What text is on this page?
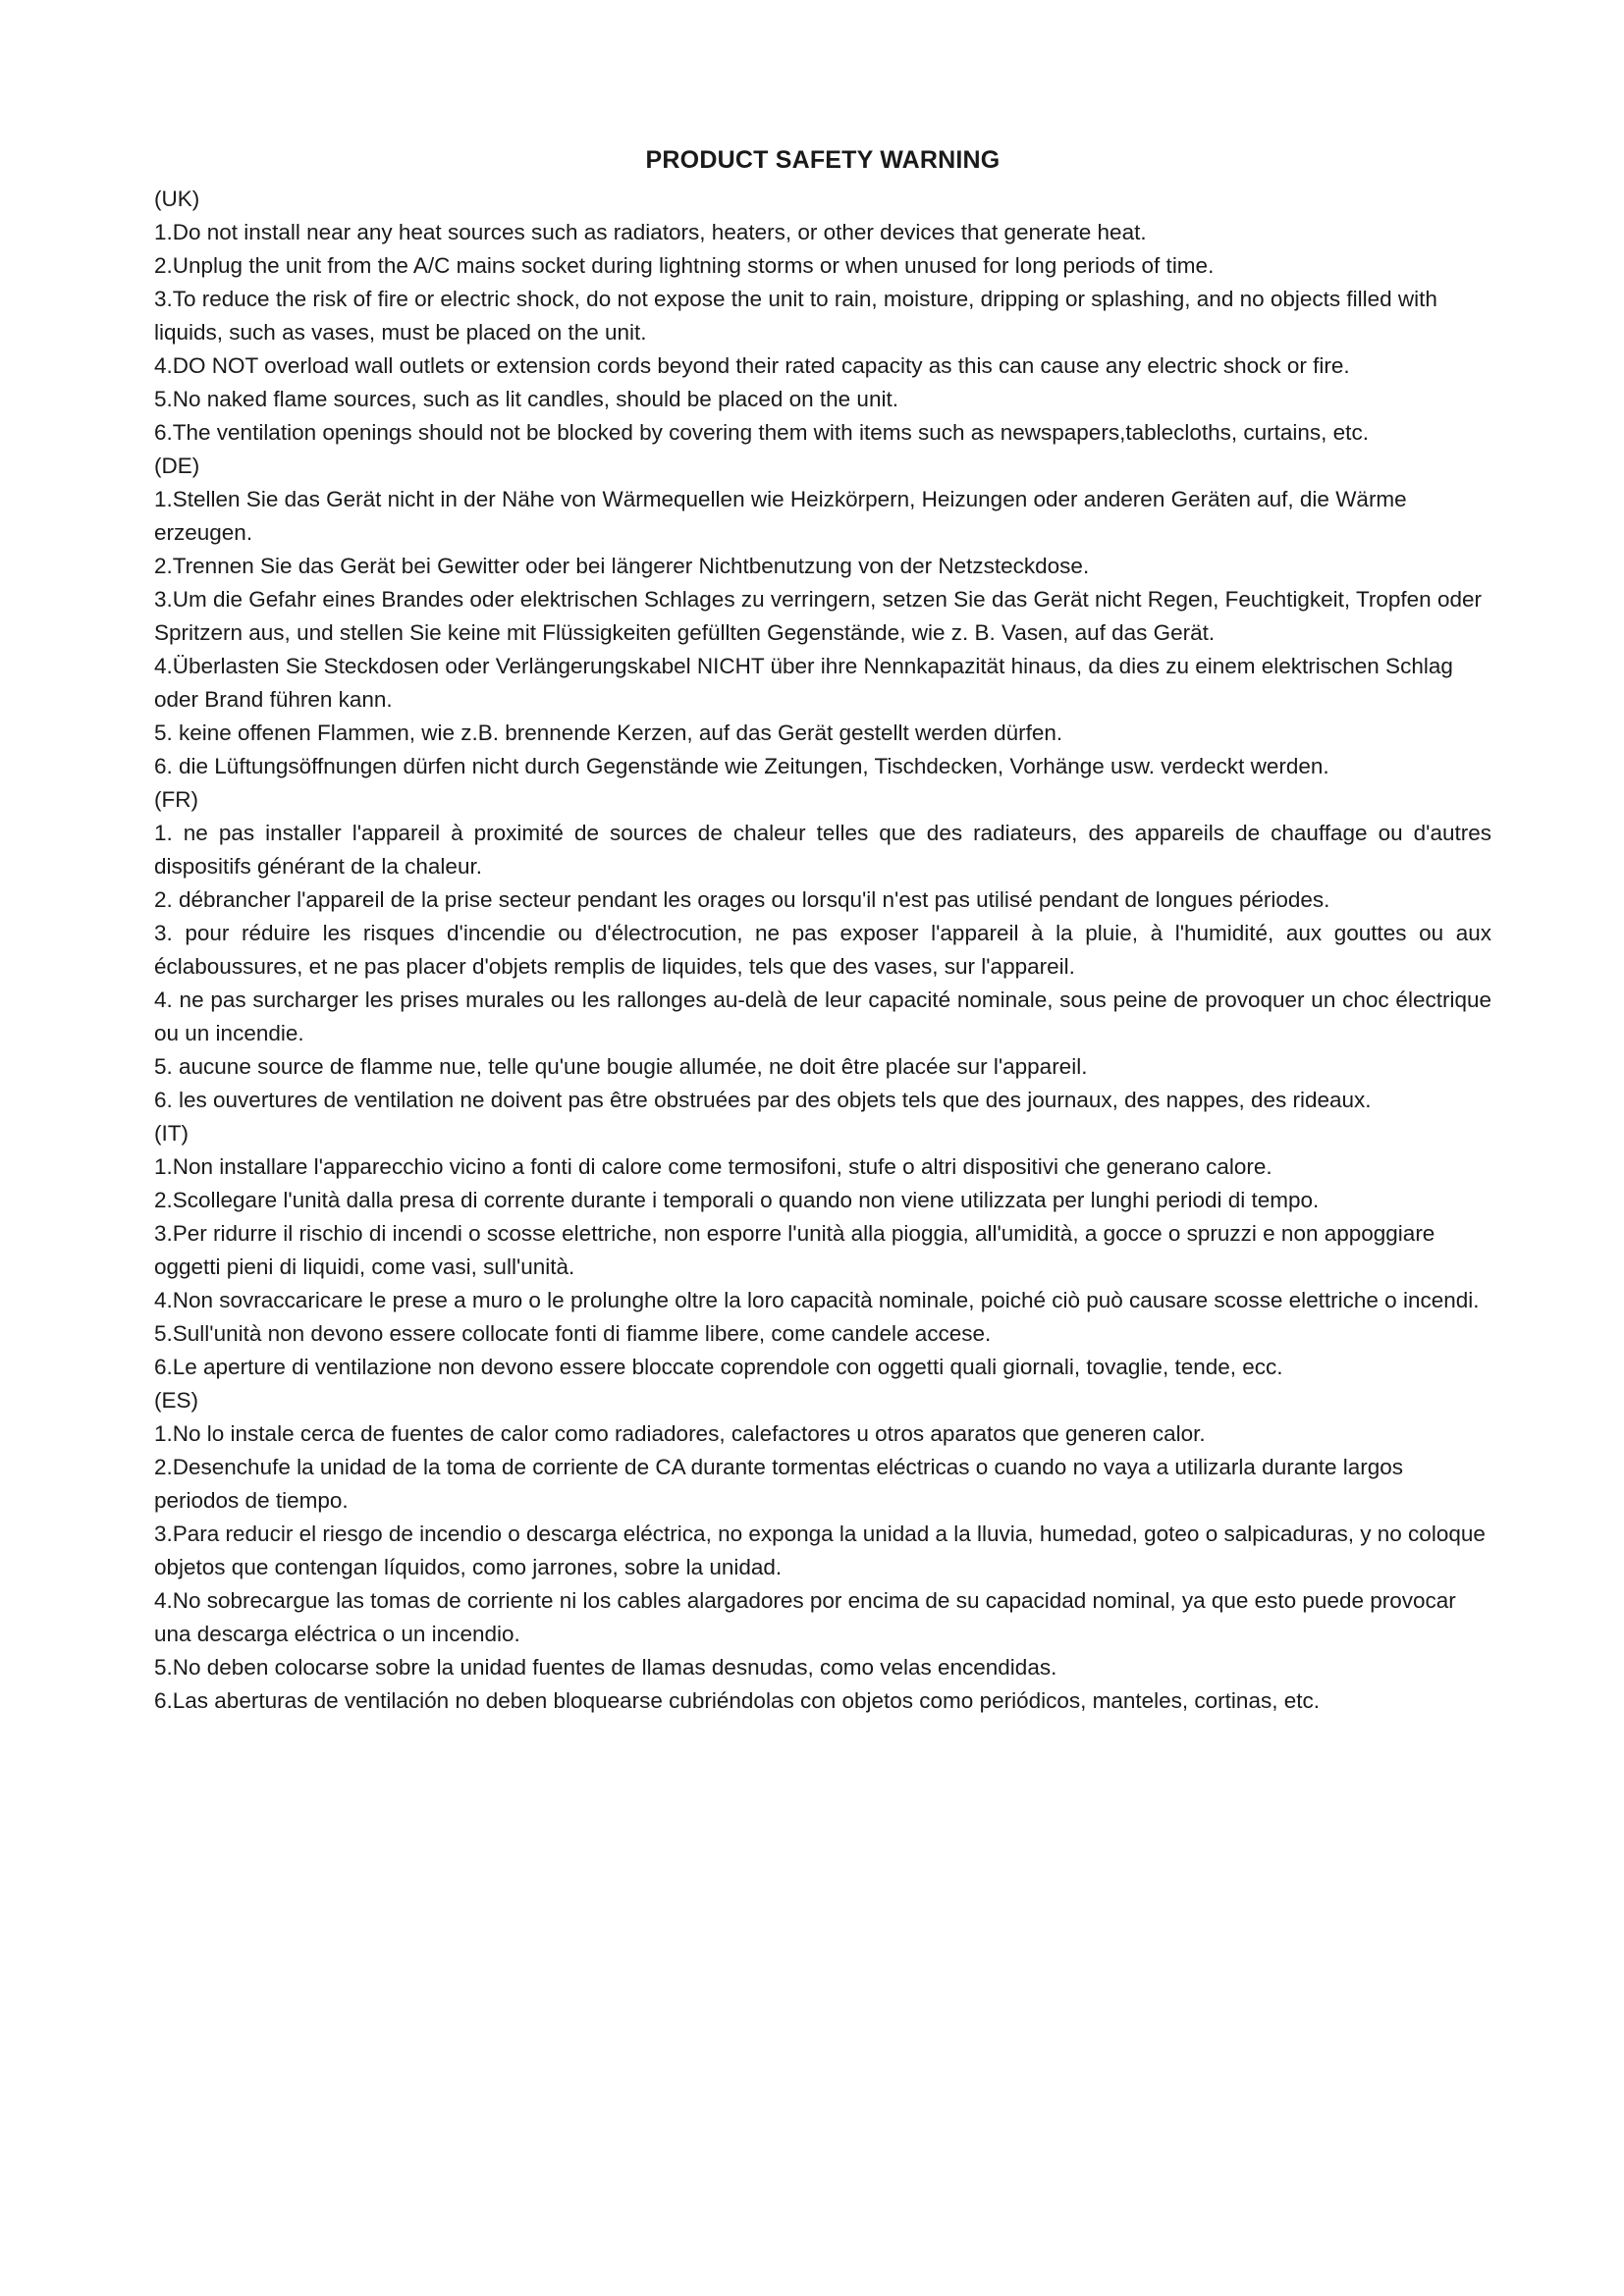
PRODUCT SAFETY WARNING

(UK)

1.Do not install near any heat sources such as radiators, heaters, or other devices that generate heat.

2.Unplug the unit from the A/C mains socket during lightning storms or when unused for long periods of time.

3.To reduce the risk of fire or electric shock, do not expose the unit to rain, moisture, dripping or splashing, and no objects filled with liquids, such as vases, must be placed on the unit.

4.DO NOT overload wall outlets or extension cords beyond their rated capacity as this can cause any electric shock or fire.

5.No naked flame sources, such as lit candles, should be placed on the unit.

6.The ventilation openings should not be blocked by covering them with items such as newspapers,tablecloths, curtains, etc.

(DE)

1.Stellen Sie das Gerät nicht in der Nähe von Wärmequellen wie Heizkörpern, Heizungen oder anderen Geräten auf, die Wärme erzeugen.

2.Trennen Sie das Gerät bei Gewitter oder bei längerer Nichtbenutzung von der Netzsteckdose.

3.Um die Gefahr eines Brandes oder elektrischen Schlages zu verringern, setzen Sie das Gerät nicht Regen, Feuchtigkeit, Tropfen oder Spritzern aus, und stellen Sie keine mit Flüssigkeiten gefüllten Gegenstände, wie z. B. Vasen, auf das Gerät.

4.Überlasten Sie Steckdosen oder Verlängerungskabel NICHT über ihre Nennkapazität hinaus, da dies zu einem elektrischen Schlag oder Brand führen kann.

5. keine offenen Flammen, wie z.B. brennende Kerzen, auf das Gerät gestellt werden dürfen.

6. die Lüftungsöffnungen dürfen nicht durch Gegenstände wie Zeitungen, Tischdecken, Vorhänge usw. verdeckt werden.

(FR)

1. ne pas installer l'appareil à proximité de sources de chaleur telles que des radiateurs, des appareils de chauffage ou d'autres dispositifs générant de la chaleur.

2. débrancher l'appareil de la prise secteur pendant les orages ou lorsqu'il n'est pas utilisé pendant de longues périodes.

3. pour réduire les risques d'incendie ou d'électrocution, ne pas exposer l'appareil à la pluie, à l'humidité, aux gouttes ou aux éclaboussures, et ne pas placer d'objets remplis de liquides, tels que des vases, sur l'appareil.

4. ne pas surcharger les prises murales ou les rallonges au-delà de leur capacité nominale, sous peine de provoquer un choc électrique ou un incendie.

5. aucune source de flamme nue, telle qu'une bougie allumée, ne doit être placée sur l'appareil.

6. les ouvertures de ventilation ne doivent pas être obstruées par des objets tels que des journaux, des nappes, des rideaux.

(IT)

1.Non installare l'apparecchio vicino a fonti di calore come termosifoni, stufe o altri dispositivi che generano calore.

2.Scollegare l'unità dalla presa di corrente durante i temporali o quando non viene utilizzata per lunghi periodi di tempo.

3.Per ridurre il rischio di incendi o scosse elettriche, non esporre l'unità alla pioggia, all'umidità, a gocce o spruzzi e non appoggiare oggetti pieni di liquidi, come vasi, sull'unità.

4.Non sovraccaricare le prese a muro o le prolunghe oltre la loro capacità nominale, poiché ciò può causare scosse elettriche o incendi.

5.Sull'unità non devono essere collocate fonti di fiamme libere, come candele accese.

6.Le aperture di ventilazione non devono essere bloccate coprendole con oggetti quali giornali, tovaglie, tende, ecc.

(ES)

1.No lo instale cerca de fuentes de calor como radiadores, calefactores u otros aparatos que generen calor.

2.Desenchufe la unidad de la toma de corriente de CA durante tormentas eléctricas o cuando no vaya a utilizarla durante largos periodos de tiempo.

3.Para reducir el riesgo de incendio o descarga eléctrica, no exponga la unidad a la lluvia, humedad, goteo o salpicaduras, y no coloque objetos que contengan líquidos, como jarrones, sobre la unidad.

4.No sobrecargue las tomas de corriente ni los cables alargadores por encima de su capacidad nominal, ya que esto puede provocar una descarga eléctrica o un incendio.

5.No deben colocarse sobre la unidad fuentes de llamas desnudas, como velas encendidas.

6.Las aberturas de ventilación no deben bloquearse cubriéndolas con objetos como periódicos, manteles, cortinas, etc.
